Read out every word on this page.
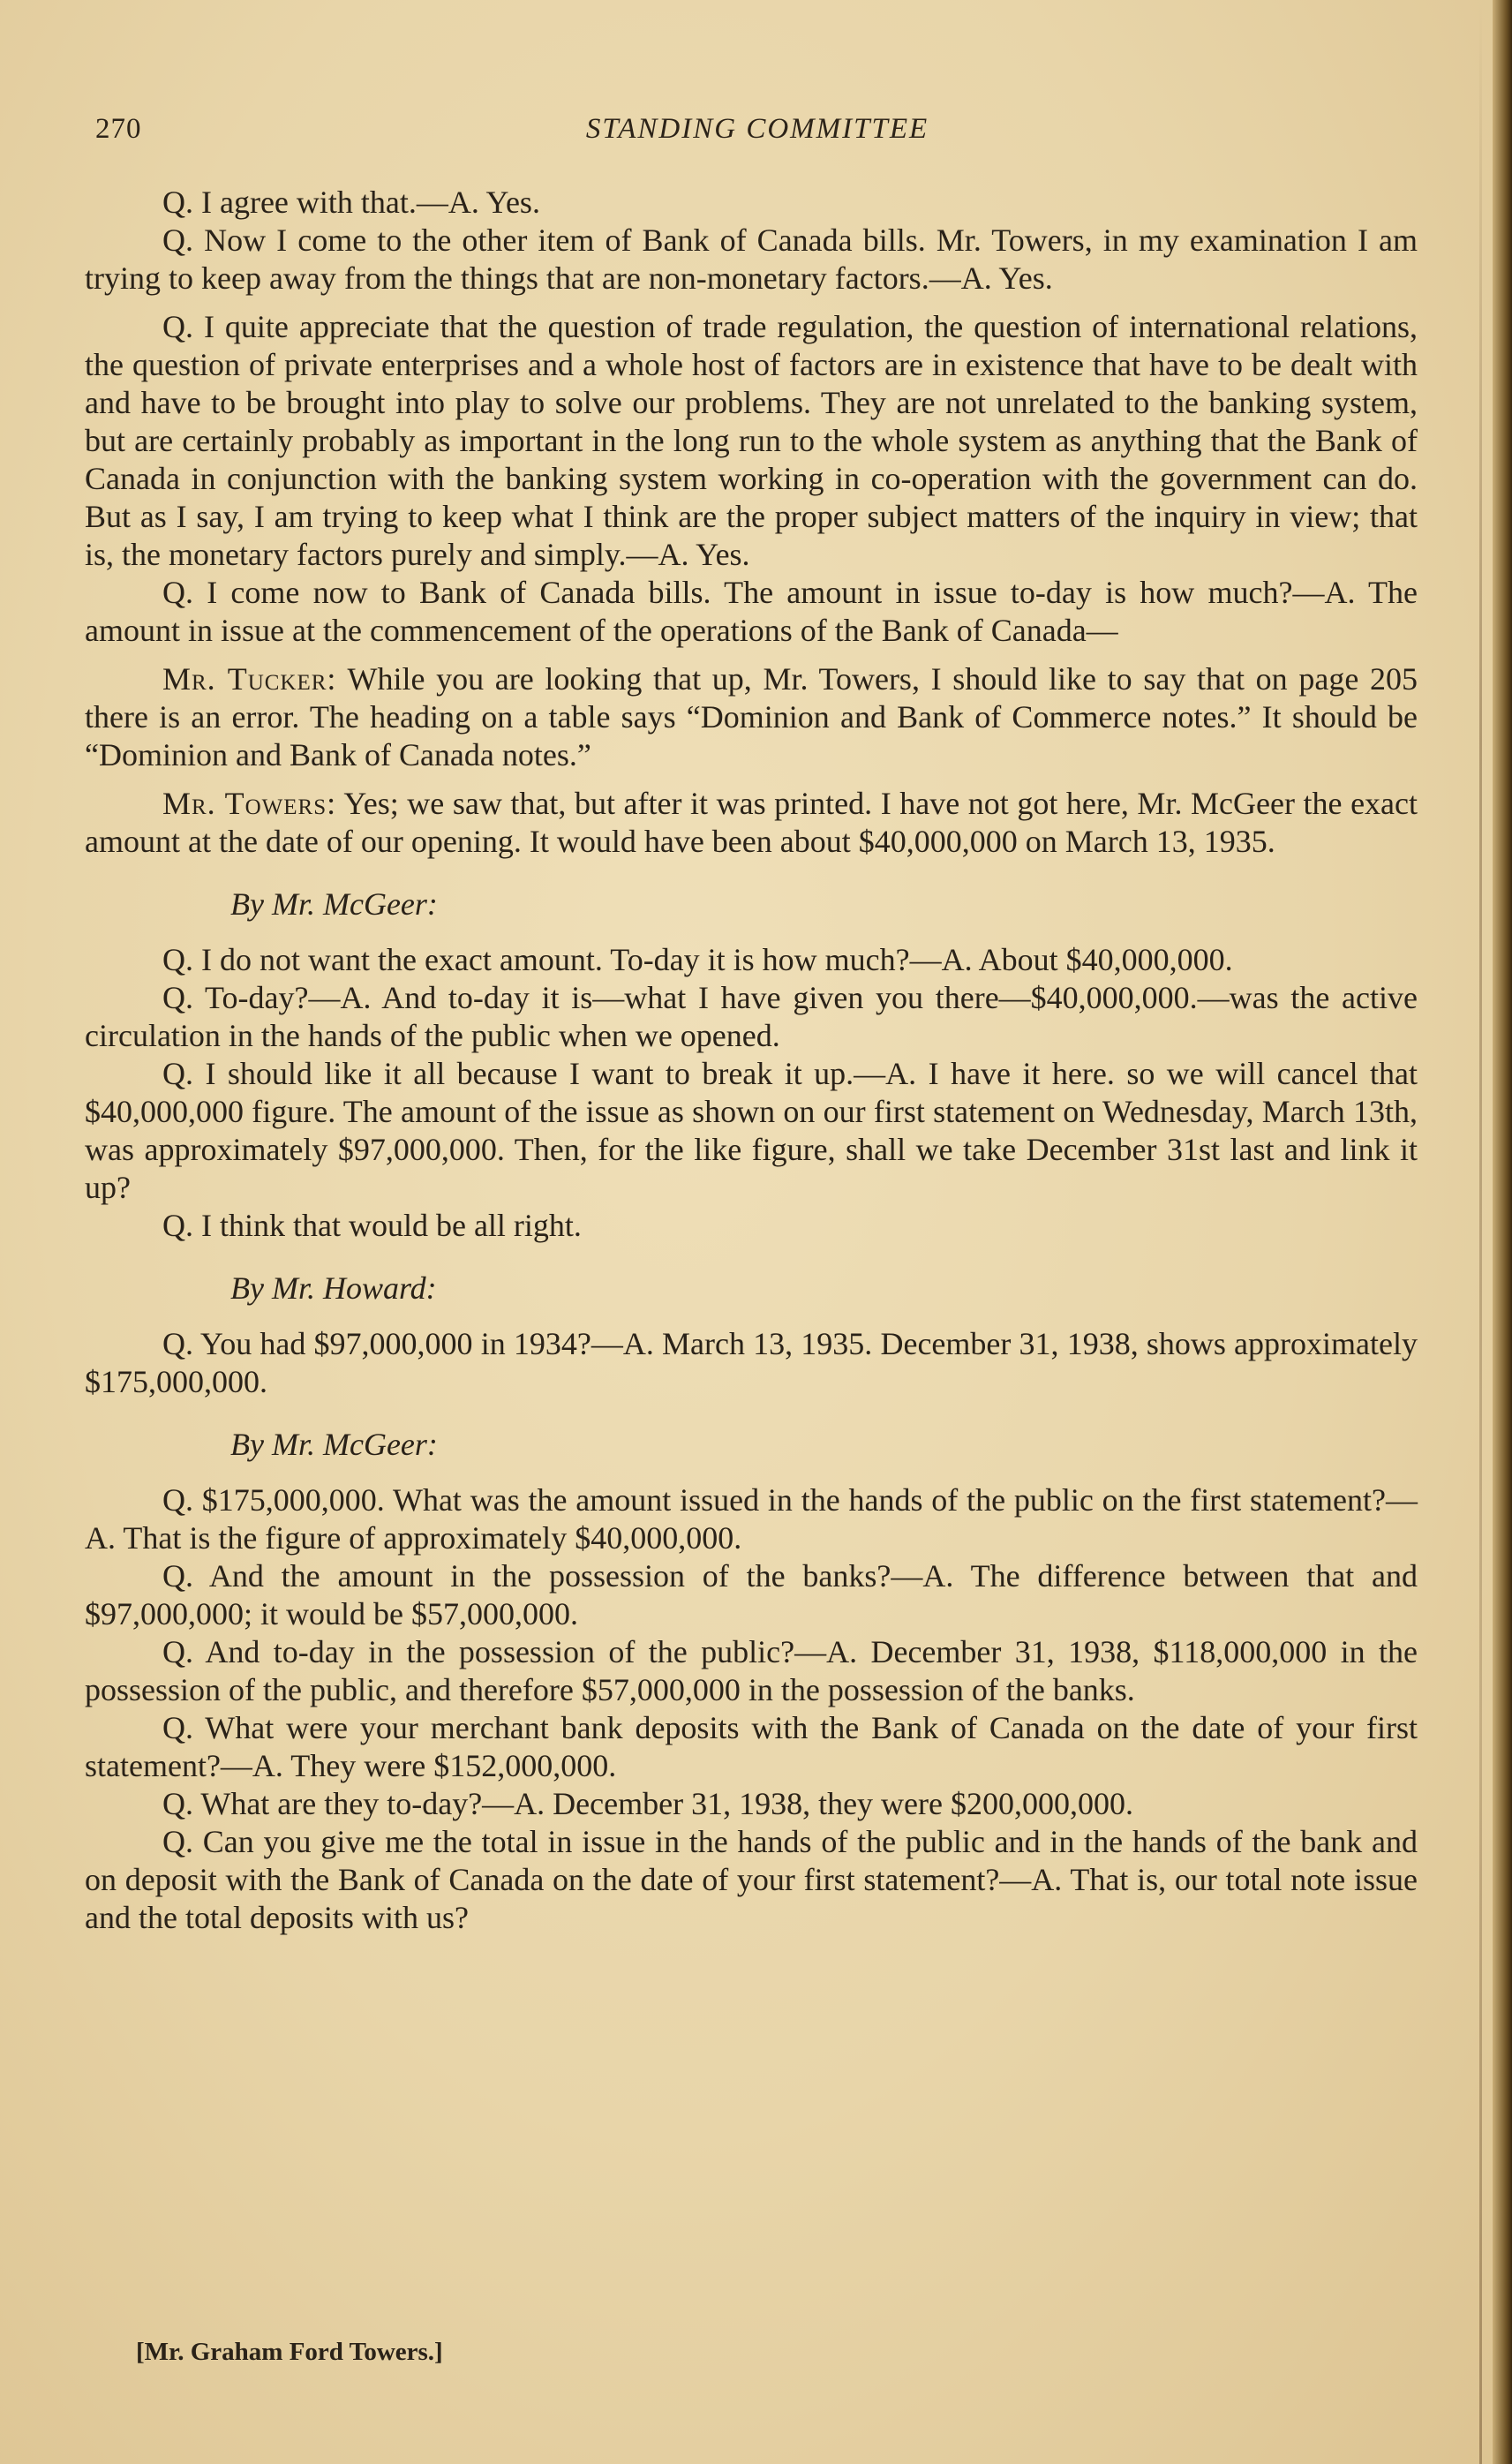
270	STANDING COMMITTEE

Q. I agree with that.—A. Yes.

Q. Now I come to the other item of Bank of Canada bills. Mr. Towers, in my examination I am trying to keep away from the things that are non-monetary factors.—A. Yes.

Q. I quite appreciate that the question of trade regulation, the question of international relations, the question of private enterprises and a whole host of factors are in existence that have to be dealt with and have to be brought into play to solve our problems. They are not unrelated to the banking system, but are certainly probably as important in the long run to the whole system as anything that the Bank of Canada in conjunction with the banking system working in co-operation with the government can do. But as I say, I am trying to keep what I think are the proper subject matters of the inquiry in view; that is, the monetary factors purely and simply.—A. Yes.

Q. I come now to Bank of Canada bills. The amount in issue to-day is how much?—A. The amount in issue at the commencement of the operations of the Bank of Canada—

Mr. Tucker: While you are looking that up, Mr. Towers, I should like to say that on page 205 there is an error. The heading on a table says “Dominion and Bank of Commerce notes.” It should be “Dominion and Bank of Canada notes.”

Mr. Towers: Yes; we saw that, but after it was printed. I have not got here, Mr. McGeer the exact amount at the date of our opening. It would have been about $40,000,000 on March 13, 1935.

By Mr. McGeer:

Q. I do not want the exact amount. To-day it is how much?—A. About $40,000,000.

Q. To-day?—A. And to-day it is—what I have given you there—$40,000,000.—was the active circulation in the hands of the public when we opened.

Q. I should like it all because I want to break it up.—A. I have it here. so we will cancel that $40,000,000 figure. The amount of the issue as shown on our first statement on Wednesday, March 13th, was approximately $97,000,000. Then, for the like figure, shall we take December 31st last and link it up?

Q. I think that would be all right.

By Mr. Howard:

Q. You had $97,000,000 in 1934?—A. March 13, 1935. December 31, 1938, shows approximately $175,000,000.

By Mr. McGeer:

Q. $175,000,000. What was the amount issued in the hands of the public on the first statement?—A. That is the figure of approximately $40,000,000.

Q. And the amount in the possession of the banks?—A. The difference between that and $97,000,000; it would be $57,000,000.

Q. And to-day in the possession of the public?—A. December 31, 1938, $118,000,000 in the possession of the public, and therefore $57,000,000 in the possession of the banks.

Q. What were your merchant bank deposits with the Bank of Canada on the date of your first statement?—A. They were $152,000,000.

Q. What are they to-day?—A. December 31, 1938, they were $200,000,000.

Q. Can you give me the total in issue in the hands of the public and in the hands of the bank and on deposit with the Bank of Canada on the date of your first statement?—A. That is, our total note issue and the total deposits with us?

[Mr. Graham Ford Towers.]
